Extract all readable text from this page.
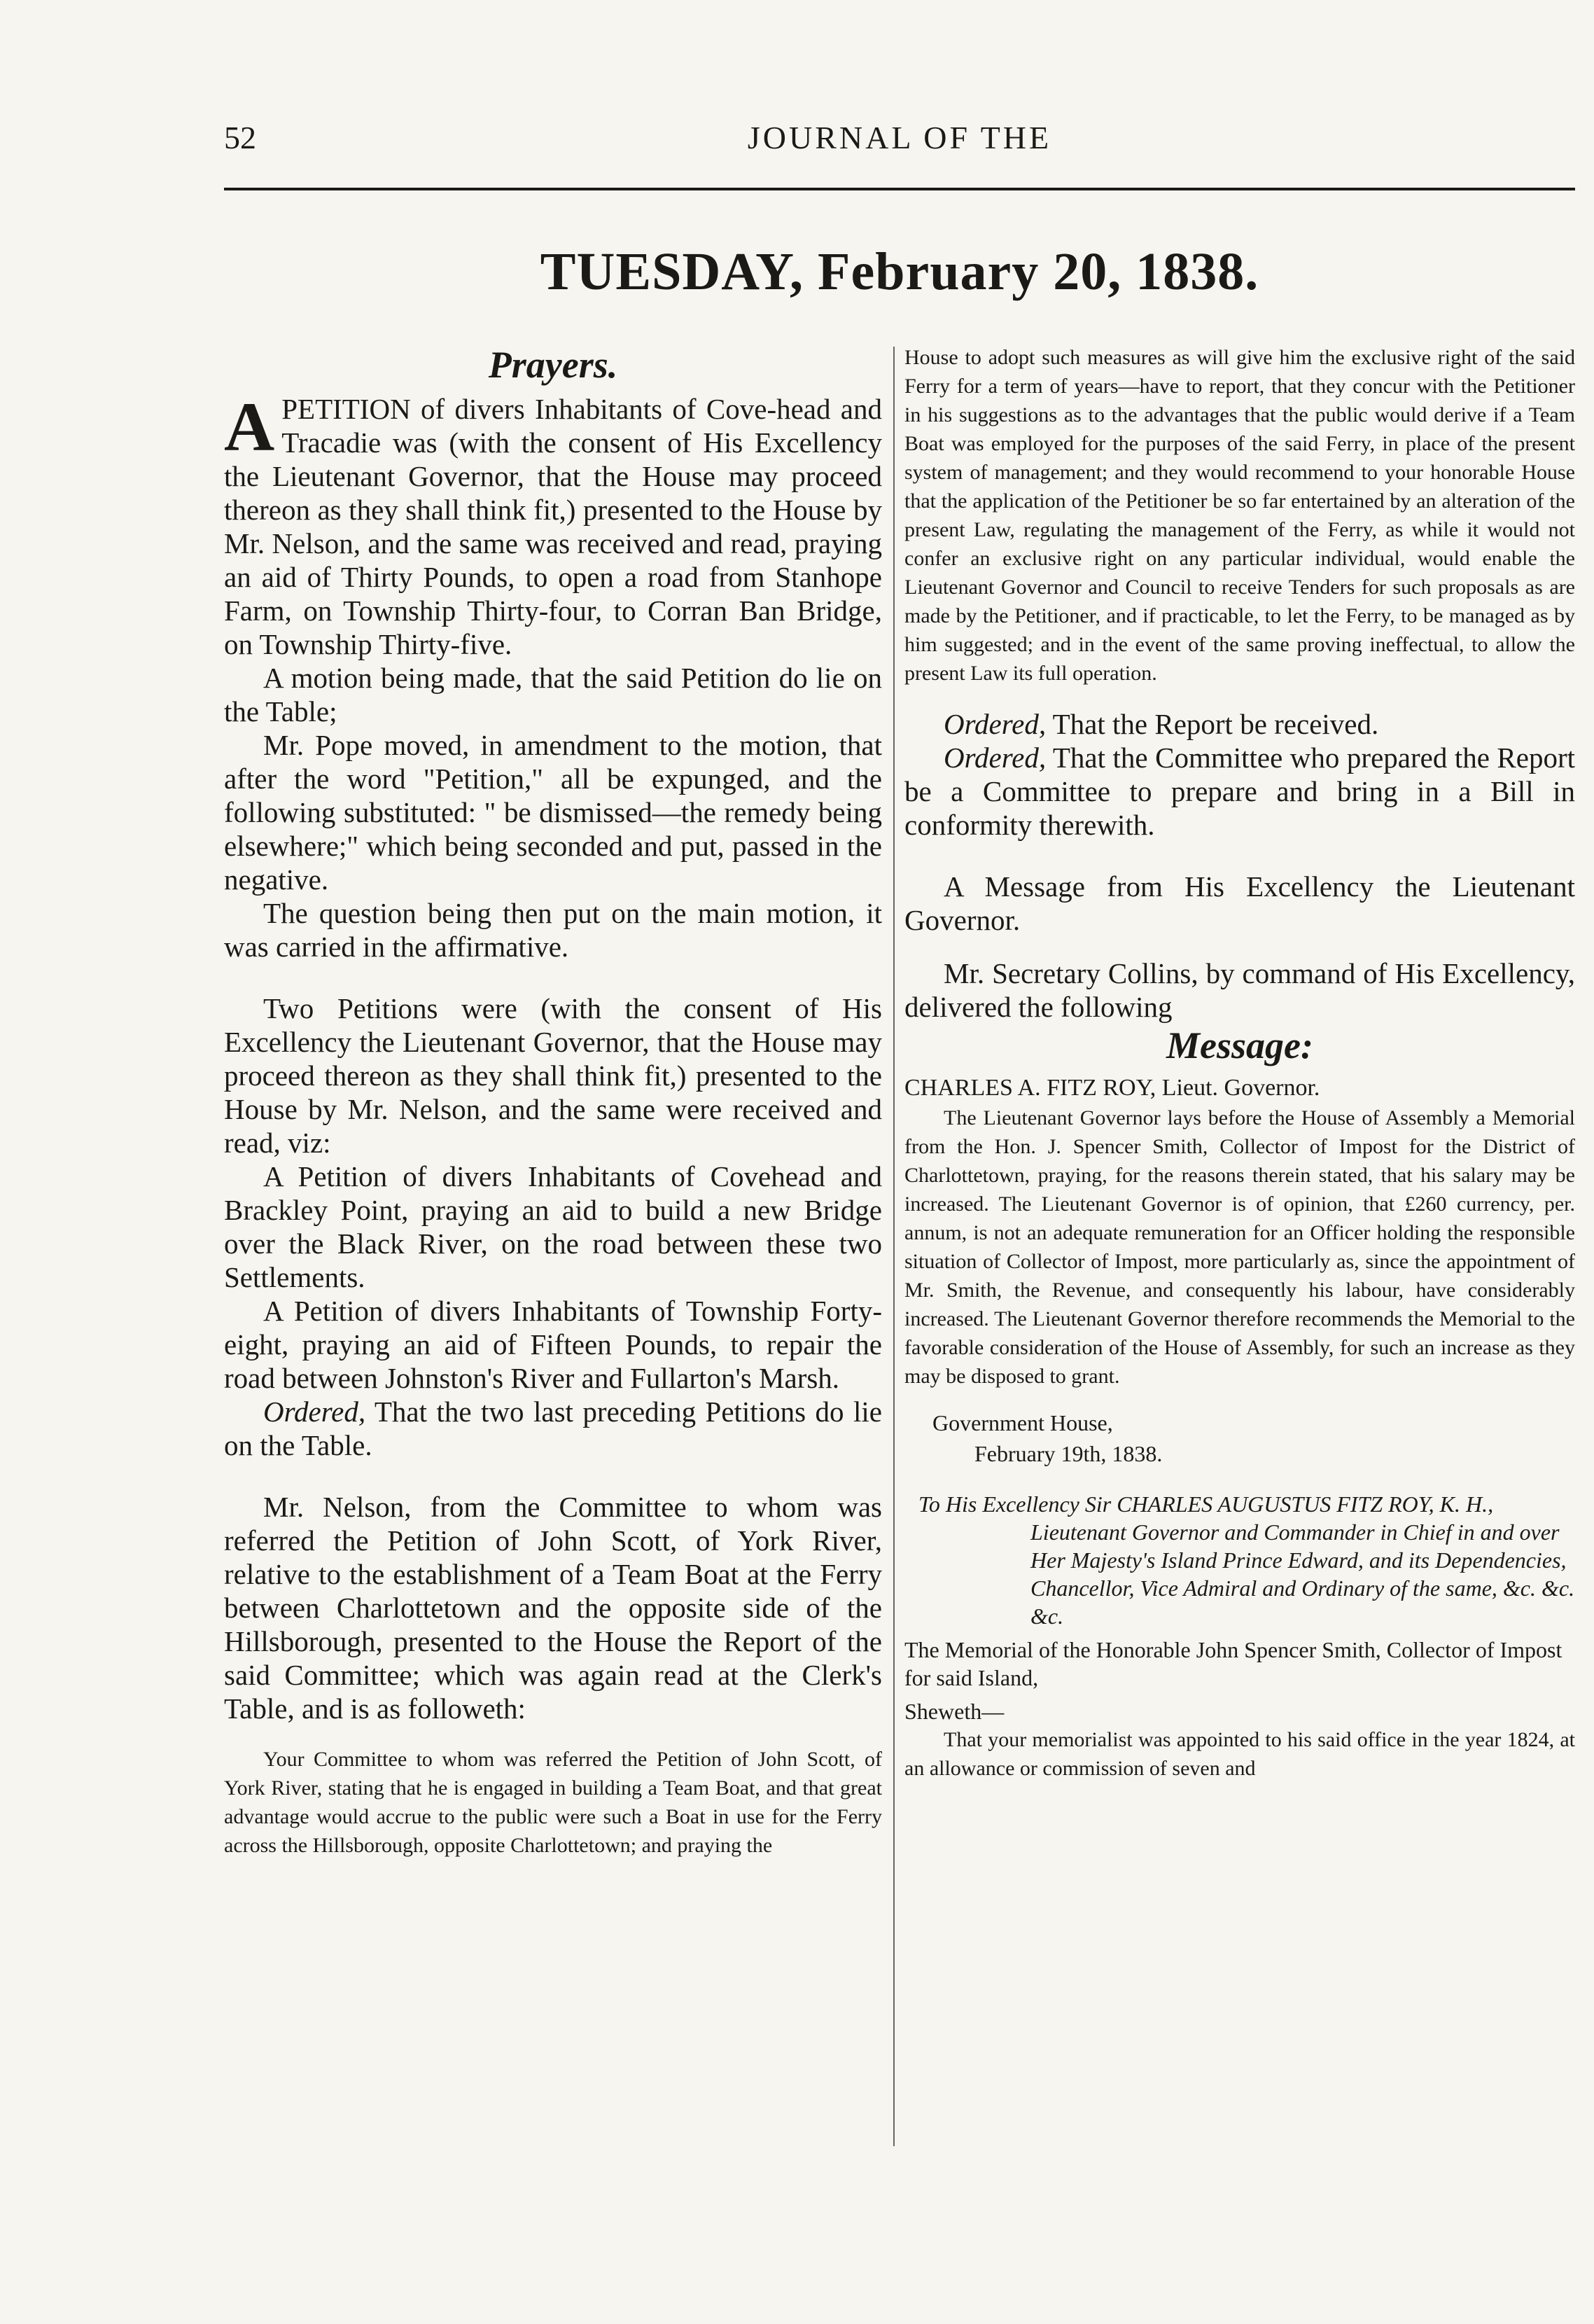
52	JOURNAL OF THE
TUESDAY, February 20, 1838.
Prayers.

APETITION of divers Inhabitants of Cove-head and Tracadie was (with the consent of His Excellency the Lieutenant Governor, that the House may proceed thereon as they shall think fit,) presented to the House by Mr. Nelson, and the same was received and read, praying an aid of Thirty Pounds, to open a road from Stanhope Farm, on Township Thirty-four, to Corran Ban Bridge, on Township Thirty-five.

A motion being made, that the said Petition do lie on the Table;

Mr. Pope moved, in amendment to the motion, that after the word "Petition," all be expunged, and the following substituted: " be dismissed—the remedy being elsewhere;" which being seconded and put, passed in the negative.

The question being then put on the main motion, it was carried in the affirmative.

Two Petitions were (with the consent of His Excellency the Lieutenant Governor, that the House may proceed thereon as they shall think fit,) presented to the House by Mr. Nelson, and the same were received and read, viz:

A Petition of divers Inhabitants of Covehead and Brackley Point, praying an aid to build a new Bridge over the Black River, on the road between these two Settlements.

A Petition of divers Inhabitants of Township Forty-eight, praying an aid of Fifteen Pounds, to repair the road between Johnston's River and Fullarton's Marsh.

Ordered, That the two last preceding Petitions do lie on the Table.

Mr. Nelson, from the Committee to whom was referred the Petition of John Scott, of York River, relative to the establishment of a Team Boat at the Ferry between Charlottetown and the opposite side of the Hillsborough, presented to the House the Report of the said Committee; which was again read at the Clerk's Table, and is as followeth:

Your Committee to whom was referred the Petition of John Scott, of York River, stating that he is engaged in building a Team Boat, and that great advantage would accrue to the public were such a Boat in use for the Ferry across the Hillsborough, opposite Charlottetown; and praying the

House to adopt such measures as will give him the exclusive right of the said Ferry for a term of years—have to report, that they concur with the Petitioner in his suggestions as to the advantages that the public would derive if a Team Boat was employed for the purposes of the said Ferry, in place of the present system of management; and they would recommend to your honorable House that the application of the Petitioner be so far entertained by an alteration of the present Law, regulating the management of the Ferry, as while it would not confer an exclusive right on any particular individual, would enable the Lieutenant Governor and Council to receive Tenders for such proposals as are made by the Petitioner, and if practicable, to let the Ferry, to be managed as by him suggested; and in the event of the same proving ineffectual, to allow the present Law its full operation.

Ordered, That the Report be received.

Ordered, That the Committee who prepared the Report be a Committee to prepare and bring in a Bill in conformity therewith.

A Message from His Excellency the Lieutenant Governor.

Mr. Secretary Collins, by command of His Excellency, delivered the following

Message:
CHARLES A. FITZ ROY, Lieut. Governor.

The Lieutenant Governor lays before the House of Assembly a Memorial from the Hon. J. Spencer Smith, Collector of Impost for the District of Charlottetown, praying, for the reasons therein stated, that his salary may be increased. The Lieutenant Governor is of opinion, that £260 currency, per. annum, is not an adequate remuneration for an Officer holding the responsible situation of Collector of Impost, more particularly as, since the appointment of Mr. Smith, the Revenue, and consequently his labour, have considerably increased. The Lieutenant Governor therefore recommends the Memorial to the favorable consideration of the House of Assembly, for such an increase as they may be disposed to grant.

Government House,
February 19th, 1838.
To His Excellency Sir CHARLES AUGUSTUS FITZ ROY, K. H., Lieutenant Governor and Commander in Chief in and over Her Majesty's Island Prince Edward, and its Dependencies, Chancellor, Vice Admiral and Ordinary of the same, &c. &c. &c.
The Memorial of the Honorable John Spencer Smith, Collector of Impost for said Island,
Sheweth—

That your memorialist was appointed to his said office in the year 1824, at an allowance or commission of seven and
